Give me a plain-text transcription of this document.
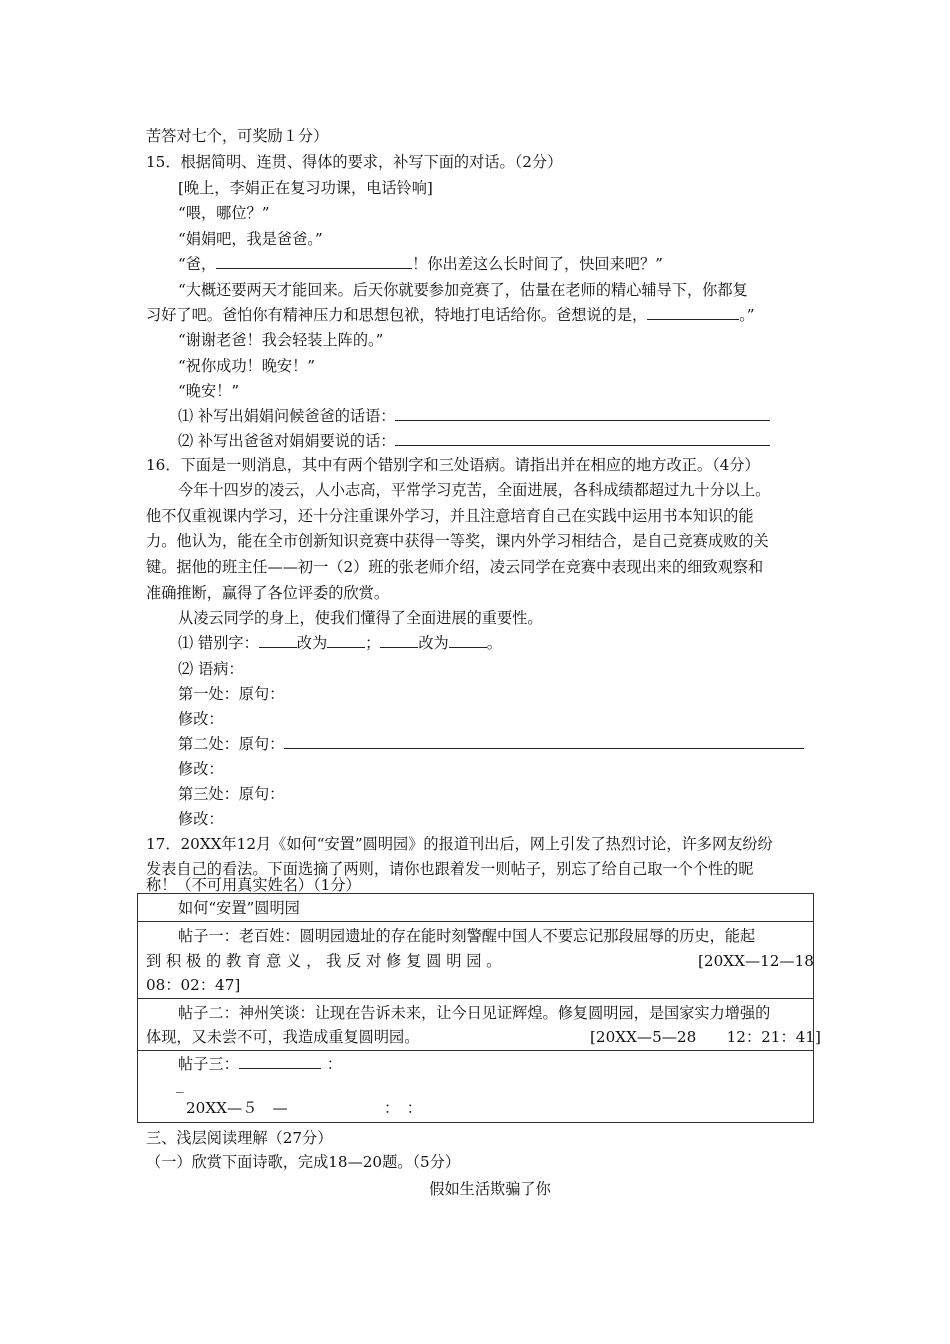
苦答对七个，可奖励１分）
15．根据简明、连贯、得体的要求，补写下面的对话。（2分）
[晚上，李娟正在复习功课，电话铃响]
“喂，哪位？”
“娟娟吧，我是爸爸。”
“爸，	！你出差这么长时间了，快回来吧？”
“大概还要两天才能回来。后天你就要参加竞赛了，估量在老师的精心辅导下，你都复
习好了吧。爸怕你有精神压力和思想包袱，特地打电话给你。爸想说的是，	。”
“谢谢老爸！我会轻装上阵的。”
“祝你成功！晚安！”
“晚安！”
⑴ 补写出娟娟问候爸爸的话语：
⑵ 补写出爸爸对娟娟要说的话：
16．下面是一则消息，其中有两个错别字和三处语病。请指出并在相应的地方改正。（4分）
今年十四岁的凌云，人小志高，平常学习克苦，全面进展，各科成绩都超过九十分以上。
他不仅重视课内学习，还十分注重课外学习，并且注意培育自己在实践中运用书本知识的能
力。他认为，能在全市创新知识竞赛中获得一等奖，课内外学习相结合，是自己竞赛成败的关
键。据他的班主任——初一（2）班的张老师介绍，凌云同学在竞赛中表现出来的细致观察和
准确推断，赢得了各位评委的欣赏。
从凌云同学的身上，使我们懂得了全面进展的重要性。
⑴ 错别字：	改为	；	改为	。
⑵ 语病：
第一处：原句：
修改：
第二处：原句：
修改：
第三处：原句：
修改：
17．20XX年12月《如何“安置”圆明园》的报道刊出后，网上引发了热烈讨论，许多网友纷纷
发表自己的看法。下面选摘了两则，请你也跟着发一则帖子，别忘了给自己取一个个性的昵
称！（不可用真实姓名）（1分）
如何“安置”圆明园
帖子一：老百姓：圆明园遗址的存在能时刻警醒中国人不要忘记那段屈辱的历史，能起
到 积 极 的 教 育 意 义 ， 我 反 对 修 复 圆 明 园 。	[20XX—12—18
08：02：47]
帖子二：神州笑谈：让现在告诉未来，让今日见证辉煌。修复圆明园，是国家实力增强的
体现，又未尝不可，我造成重复圆明园。	[20XX—5—28　　12：21：41]
帖子三：	：
_
20XX—５　—	：　：
三、浅层阅读理解（27分）
（一）欣赏下面诗歌，完成18—20题。（5分）
假如生活欺骗了你
